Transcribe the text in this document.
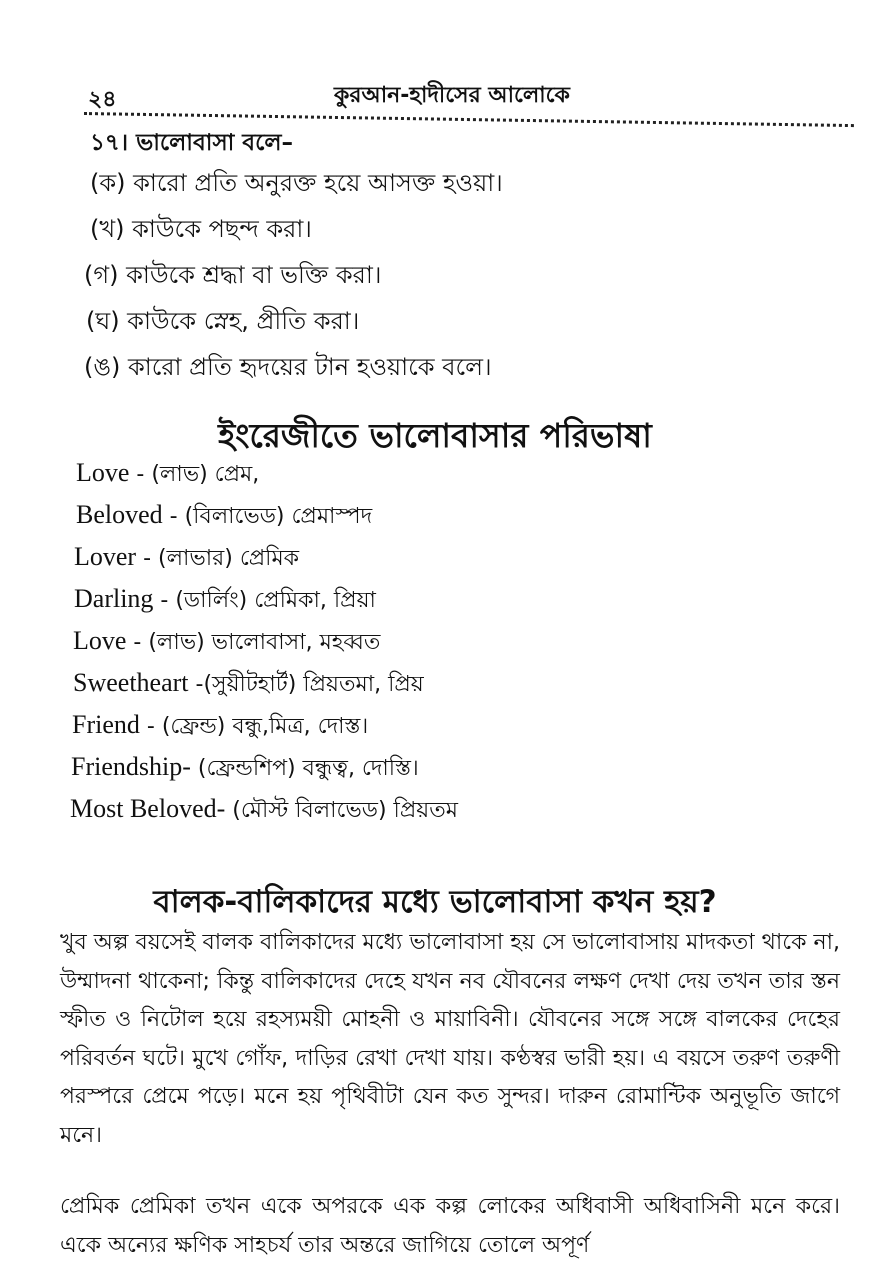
২৪	কুরআন-হাদীসের আলোকে
১৭। ভালোবাসা বলে–
(ক) কারো প্রতি অনুরক্ত হয়ে আসক্ত হওয়া।
(খ) কাউকে পছন্দ করা।
(গ) কাউকে শ্রদ্ধা বা ভক্তি করা।
(ঘ) কাউকে স্নেহ, প্রীতি করা।
(ঙ) কারো প্রতি হৃদয়ের টান হওয়াকে বলে।
ইংরেজীতে ভালোবাসার পরিভাষা
Love - (লাভ) প্রেম,
Beloved - (বিলাভেড) প্রেমাস্পদ
Lover - (লাভার) প্রেমিক
Darling - (ডার্লিং) প্রেমিকা, প্রিয়া
Love - (লাভ) ভালোবাসা, মহব্বত
Sweetheart -(সুয়ীটহার্ট) প্রিয়তমা, প্রিয়
Friend - (ফ্রেন্ড) বন্ধু,মিত্র, দোস্ত।
Friendship- (ফ্রেন্ডশিপ) বন্ধুত্ব, দোস্তি।
Most Beloved- (মৌস্ট বিলাভেড) প্রিয়তম
বালক-বালিকাদের মধ্যে ভালোবাসা কখন হয়?

খুব অল্প বয়সেই বালক বালিকাদের মধ্যে ভালোবাসা হয় সে ভালোবাসায় মাদকতা থাকে না, উম্মাদনা থাকেনা; কিন্তু বালিকাদের দেহে যখন নব যৌবনের লক্ষণ দেখা দেয় তখন তার স্তন স্ফীত ও নিটোল হয়ে রহস্যময়ী মোহনী ও মায়াবিনী। যৌবনের সঙ্গে সঙ্গে বালকের দেহের পরিবর্তন ঘটে। মুখে গোঁফ, দাড়ির রেখা দেখা যায়। কণ্ঠস্বর ভারী হয়। এ বয়সে তরুণ তরুণী পরস্পরে প্রেমে পড়ে। মনে হয় পৃথিবীটা যেন কত সুন্দর। দারুন রোমান্টিক অনুভূতি জাগে মনে।

প্রেমিক প্রেমিকা তখন একে অপরকে এক কল্প লোকের অধিবাসী অধিবাসিনী মনে করে। একে অন্যের ক্ষণিক সাহচর্য তার অন্তরে জাগিয়ে তোলে অপূর্ণ
